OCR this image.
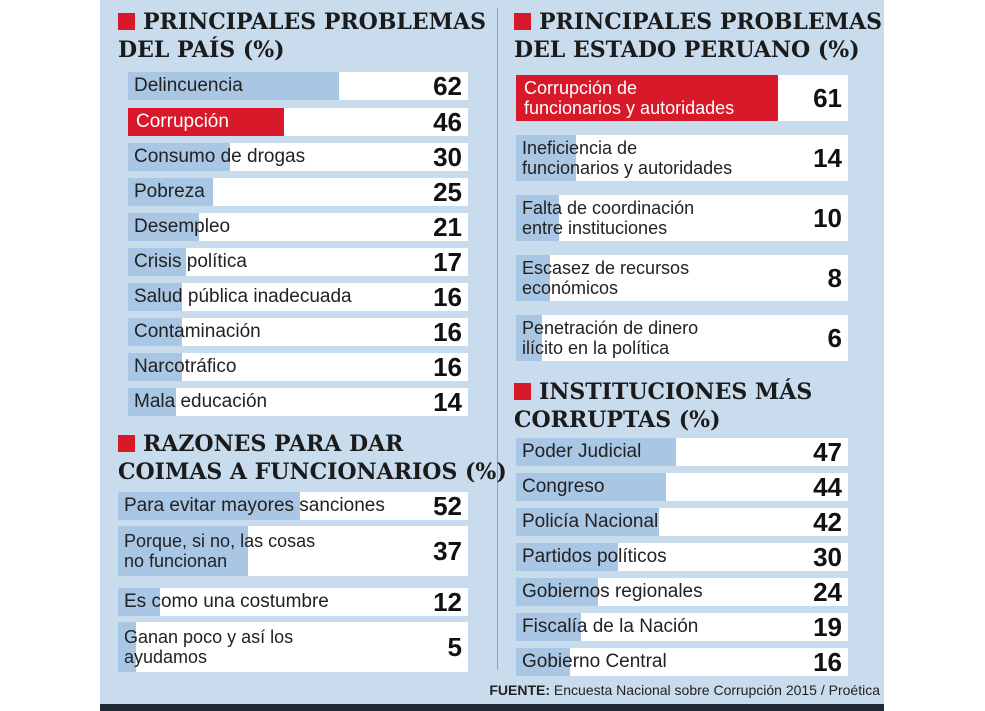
PRINCIPALES PROBLEMAS
DEL PAÍS (%)
Delincuencia	62
Corrupción	46
Consumo de drogas	30
Pobreza	25
Desempleo	21
Crisis política	17
Salud pública inadecuada	16
Contaminación	16
Narcotráfico	16
Mala educación	14
RAZONES PARA DAR
COIMAS A FUNCIONARIOS (%)
Para evitar mayores sanciones 52
Porque, si no, las cosas
no funcionan	37
Es como una costumbre	12
Ganan poco y así los
ayudamos	5
PRINCIPALES PROBLEMAS
DEL ESTADO PERUANO (%)
Corrupción de
funcionarios y autoridades	61
Ineficiencia de
funcionarios y autoridades	14
Falta de coordinación
entre instituciones	10
Escasez de recursos
económicos	8
Penetración de dinero
ilícito en la política	6
INSTITUCIONES MÁS
CORRUPTAS (%)
Poder Judicial	47
Congreso	44
Policía Nacional	42
Partidos políticos	30
Gobiernos regionales	24
Fiscalía de la Nación	19
Gobierno Central	16
FUENTE: Encuesta Nacional sobre Corrupción 2015 / Proética
